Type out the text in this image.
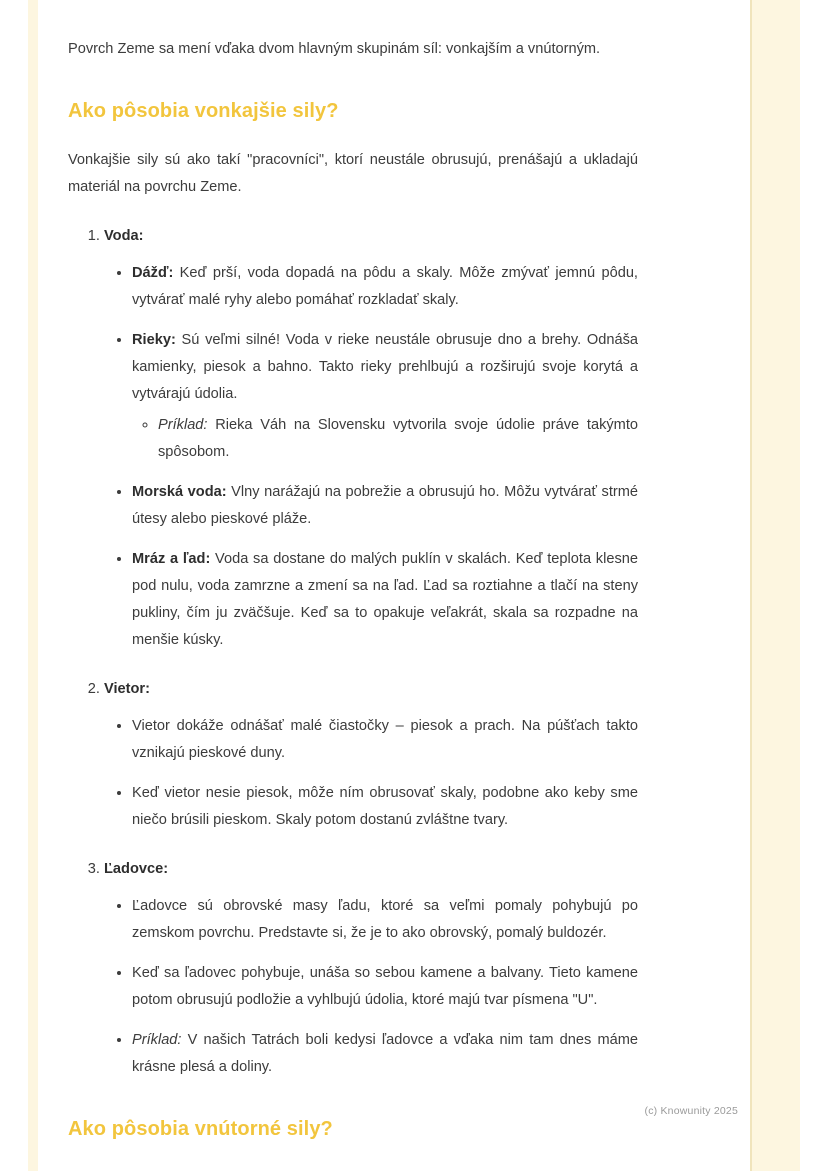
Povrch Zeme sa mení vďaka dvom hlavným skupinám síl: vonkajším a vnútorným.

Ako pôsobia vonkajšie sily?

Vonkajšie sily sú ako takí "pracovníci", ktorí neustále obrusujú, prenášajú a ukladajú materiál na povrchu Zeme.

1. Voda:
• Dážď: Keď prší, voda dopadá na pôdu a skaly. Môže zmývať jemnú pôdu, vytvárať malé ryhy alebo pomáhať rozkladať skaly.
• Rieky: Sú veľmi silné! Voda v rieke neustále obrusuje dno a brehy. Odnáša kamienky, piesok a bahno. Takto rieky prehlbujú a rozširujú svoje korytá a vytvárajú údolia.
◦ Príklad: Rieka Váh na Slovensku vytvorila svoje údolie práve takýmto spôsobom.
• Morská voda: Vlny narážajú na pobrežie a obrusujú ho. Môžu vytvárať strmé útesy alebo pieskové pláže.
• Mráz a ľad: Voda sa dostane do malých puklín v skalách. Keď teplota klesne pod nulu, voda zamrzne a zmení sa na ľad. Ľad sa roztiahne a tlačí na steny pukliny, čím ju zväčšuje. Keď sa to opakuje veľakrát, skala sa rozpadne na menšie kúsky.
2. Vietor:
• Vietor dokáže odnášať malé čiastočky – piesok a prach. Na púšťach takto vznikajú pieskové duny.
• Keď vietor nesie piesok, môže ním obrusovať skaly, podobne ako keby sme niečo brúsili pieskom. Skaly potom dostanú zvláštne tvary.
3. Ľadovce:
• Ľadovce sú obrovské masy ľadu, ktoré sa veľmi pomaly pohybujú po zemskom povrchu. Predstavte si, že je to ako obrovský, pomalý buldozér.
• Keď sa ľadovec pohybuje, unáša so sebou kamene a balvany. Tieto kamene potom obrusujú podložie a vyhlbujú údolia, ktoré majú tvar písmena "U".
• Príklad: V našich Tatrách boli kedysi ľadovce a vďaka nim tam dnes máme krásne plesá a doliny.
Ako pôsobia vnútorné sily?
(c) Knowunity 2025
